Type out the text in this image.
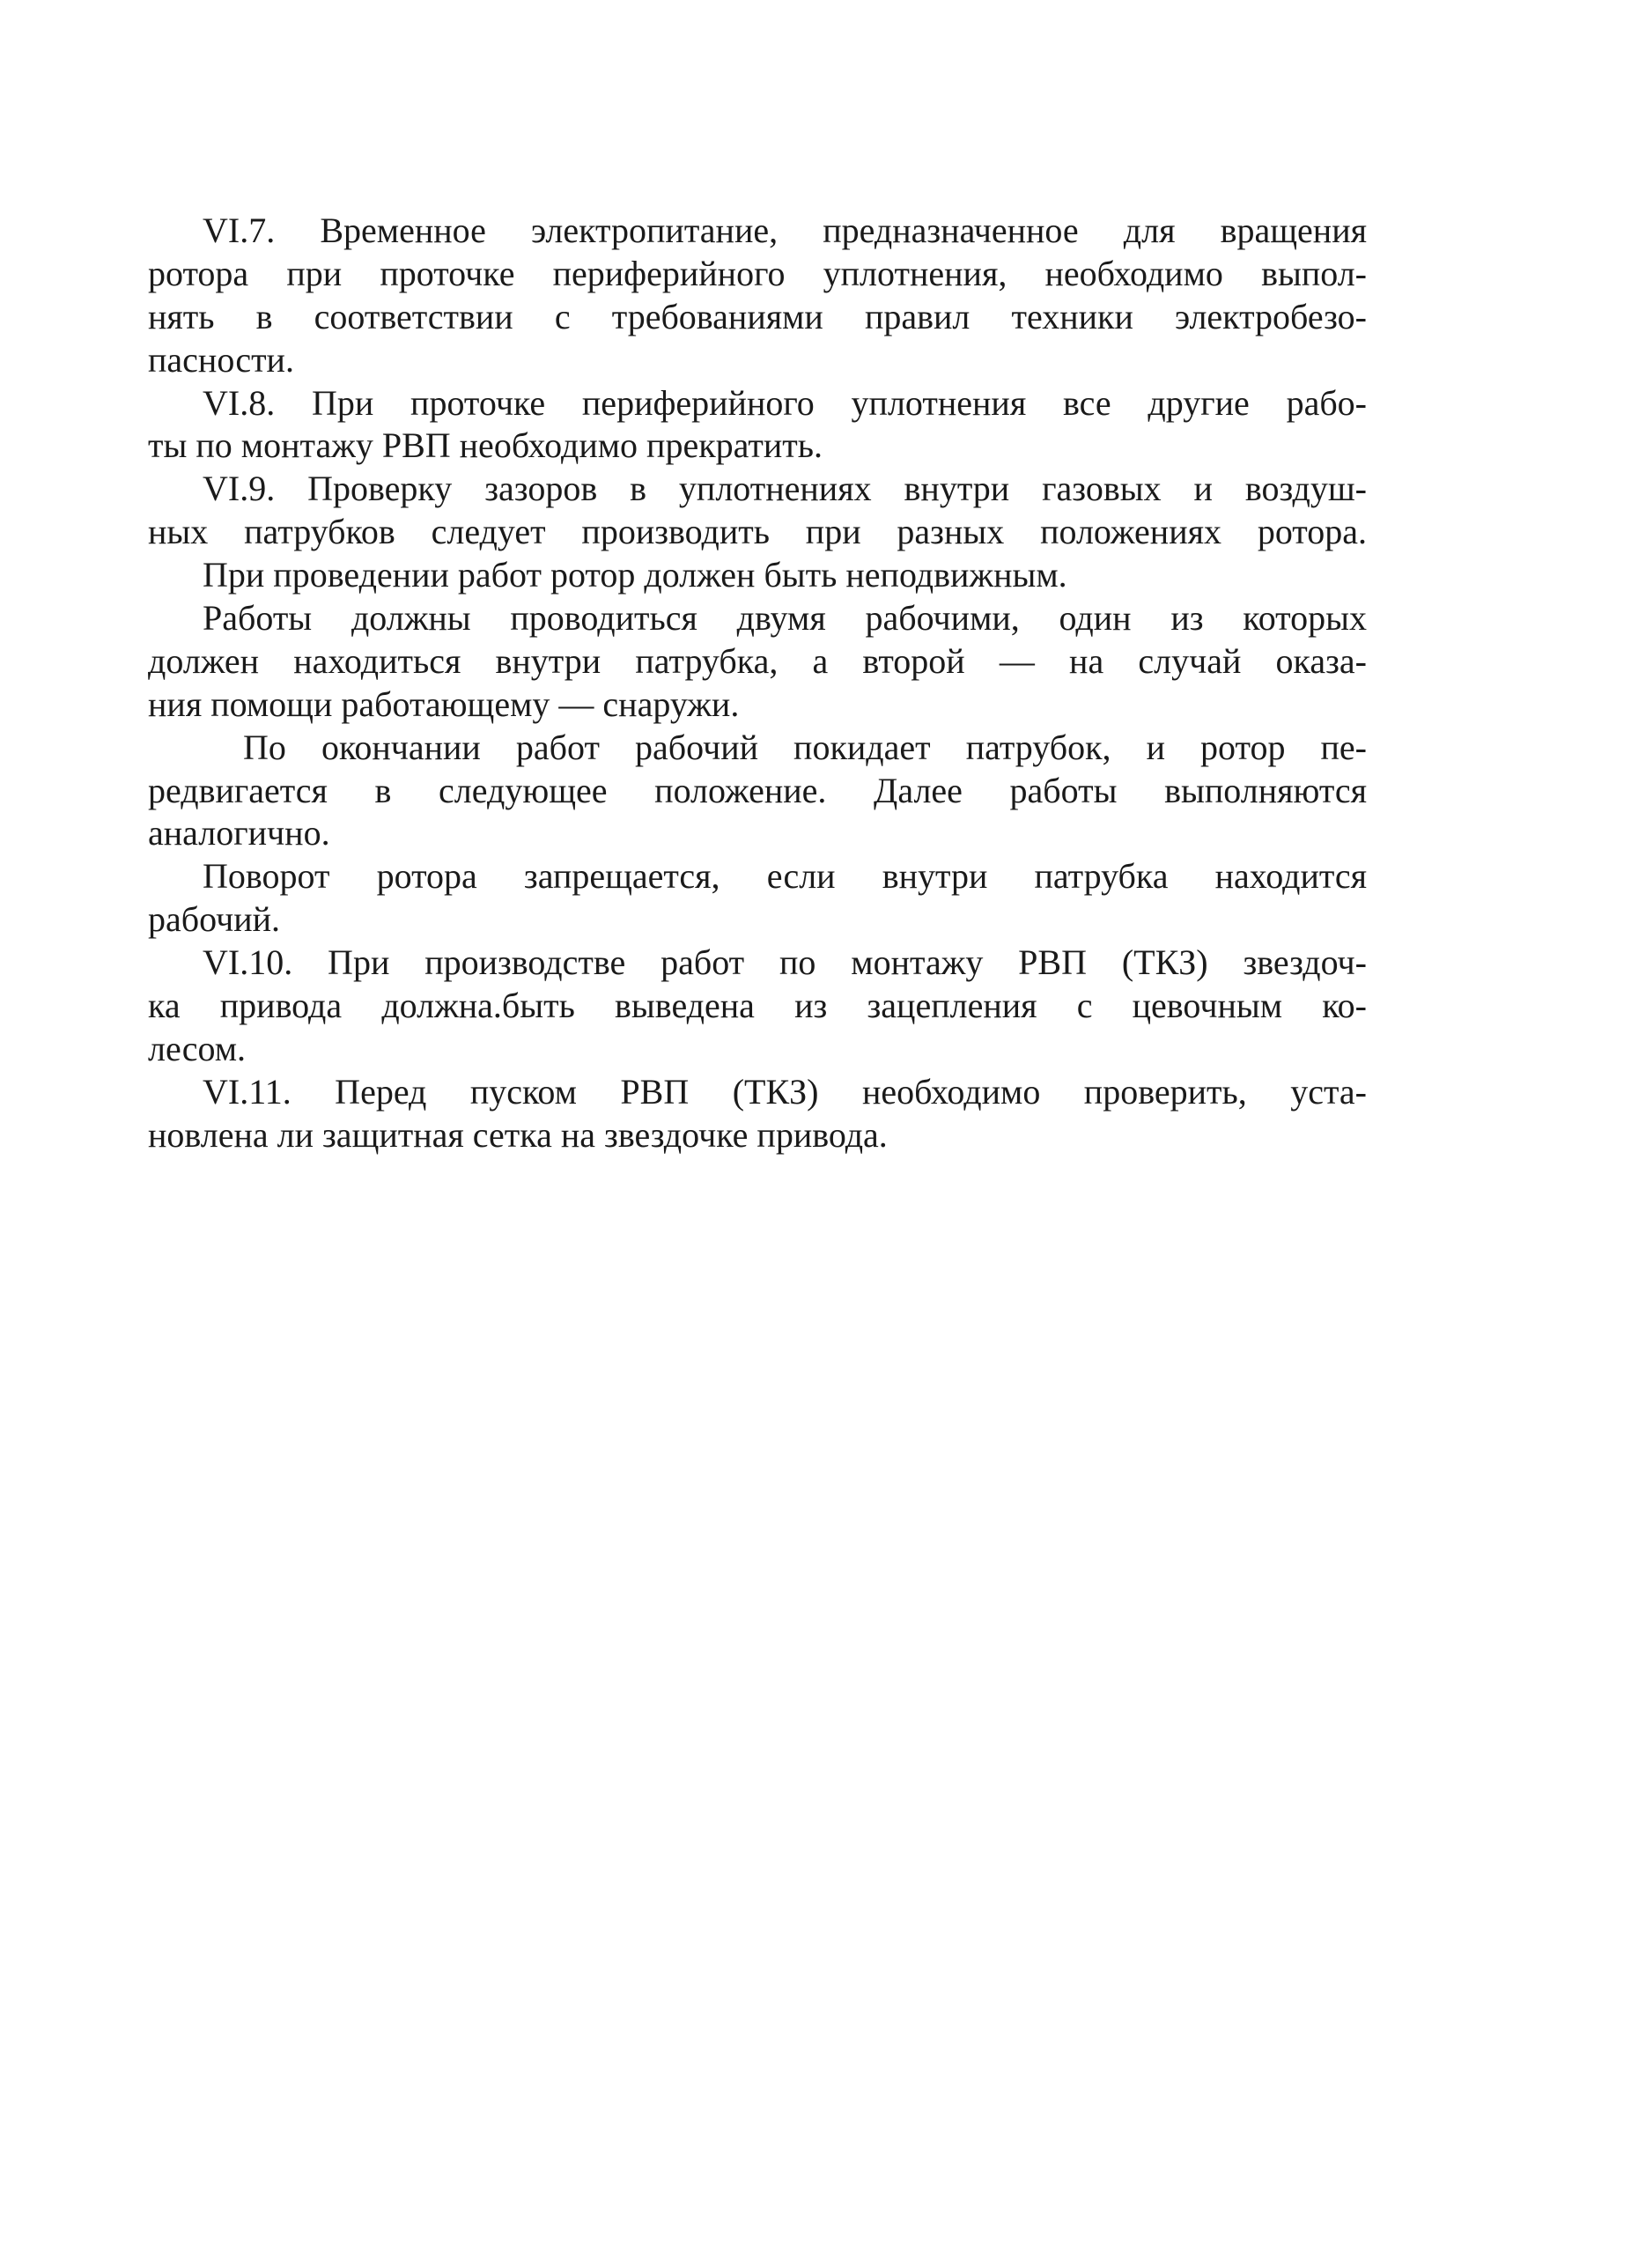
VI.7. Временное электропитание, предназначенное для вращения
ротора при проточке периферийного уплотнения, необходимо выпол-
нять в соответствии с требованиями правил техники электробезо-
пасности.
VI.8. При проточке периферийного уплотнения все другие рабо-
ты по монтажу РВП необходимо прекратить.
VI.9. Проверку зазоров в уплотнениях внутри газовых и воздуш-
ных патрубков следует производить при разных положениях ротора.
При проведении работ ротор должен быть неподвижным.
Работы должны проводиться двумя рабочими, один из которых
должен находиться внутри патрубка, а второй — на случай оказа-
ния помощи работающему — снаружи.
По окончании работ рабочий покидает патрубок, и ротор пе-
редвигается в следующее положение. Далее работы выполняются
аналогично.
Поворот ротора запрещается, если внутри патрубка находится
рабочий.
VI.10. При производстве работ по монтажу РВП (ТКЗ) звездоч-
ка привода должна.быть выведена из зацепления с цевочным ко-
лесом.
VI.11. Перед пуском РВП (ТКЗ) необходимо проверить, уста-
новлена ли защитная сетка на звездочке привода.
